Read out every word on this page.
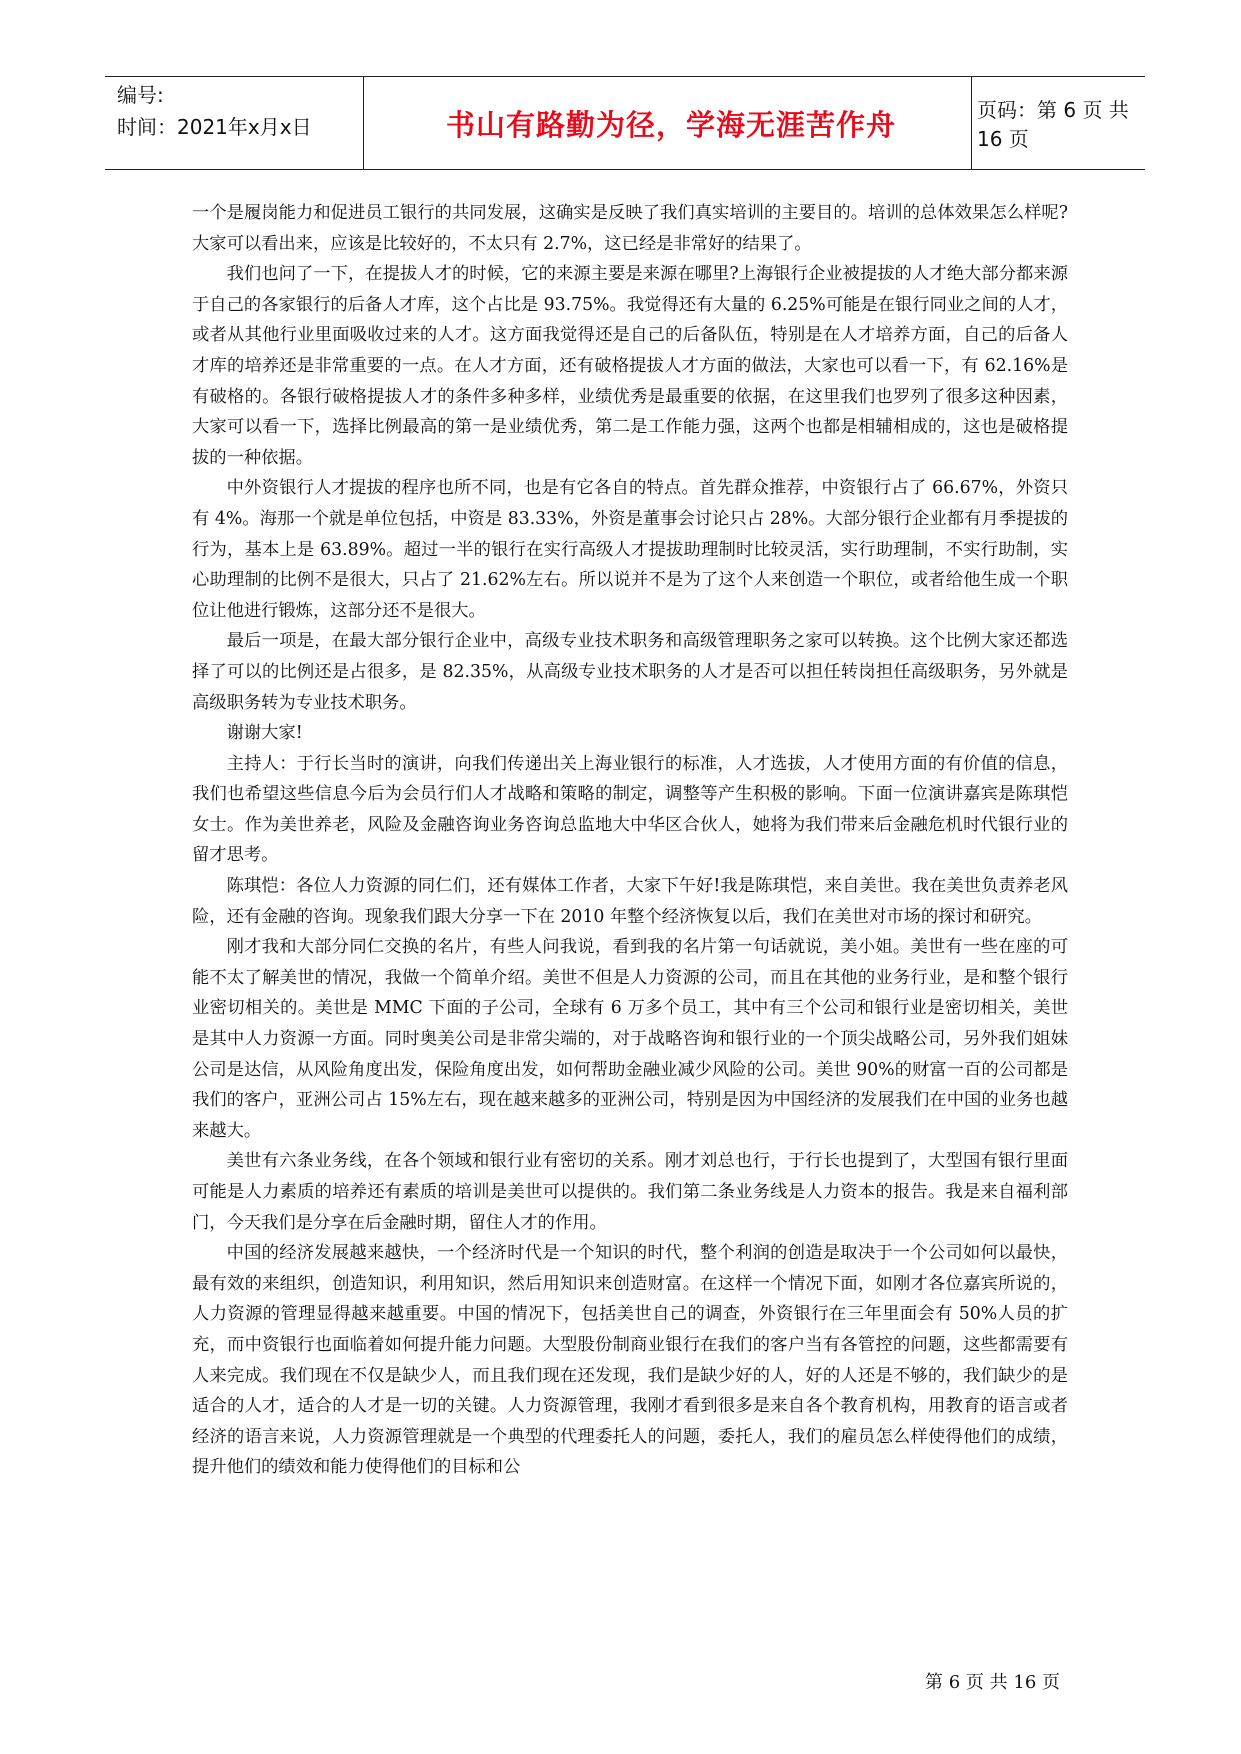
编号:
时间：2021年x月x日	书山有路勤为径，学海无涯苦作舟	页码：第 6 页 共 16 页

一个是履岗能力和促进员工银行的共同发展，这确实是反映了我们真实培训的主要目的。培训的总体效果怎么样呢?大家可以看出来，应该是比较好的，不太只有 2.7%，这已经是非常好的结果了。

我们也问了一下，在提拔人才的时候，它的来源主要是来源在哪里?上海银行企业被提拔的人才绝大部分都来源于自己的各家银行的后备人才库，这个占比是 93.75%。我觉得还有大量的 6.25%可能是在银行同业之间的人才，或者从其他行业里面吸收过来的人才。这方面我觉得还是自己的后备队伍，特别是在人才培养方面，自己的后备人才库的培养还是非常重要的一点。在人才方面，还有破格提拔人才方面的做法，大家也可以看一下，有 62.16%是有破格的。各银行破格提拔人才的条件多种多样，业绩优秀是最重要的依据，在这里我们也罗列了很多这种因素，大家可以看一下，选择比例最高的第一是业绩优秀，第二是工作能力强，这两个也都是相辅相成的，这也是破格提拔的一种依据。

中外资银行人才提拔的程序也所不同，也是有它各自的特点。首先群众推荐，中资银行占了 66.67%，外资只有 4%。海那一个就是单位包括，中资是 83.33%，外资是董事会讨论只占 28%。大部分银行企业都有月季提拔的行为，基本上是 63.89%。超过一半的银行在实行高级人才提拔助理制时比较灵活，实行助理制，不实行助制，实心助理制的比例不是很大，只占了 21.62%左右。所以说并不是为了这个人来创造一个职位，或者给他生成一个职位让他进行锻炼，这部分还不是很大。

最后一项是，在最大部分银行企业中，高级专业技术职务和高级管理职务之家可以转换。这个比例大家还都选择了可以的比例还是占很多，是 82.35%，从高级专业技术职务的人才是否可以担任转岗担任高级职务，另外就是高级职务转为专业技术职务。

谢谢大家!

主持人：于行长当时的演讲，向我们传递出关上海业银行的标准，人才选拔，人才使用方面的有价值的信息，我们也希望这些信息今后为会员行们人才战略和策略的制定，调整等产生积极的影响。下面一位演讲嘉宾是陈琪恺女士。作为美世养老，风险及金融咨询业务咨询总监地大中华区合伙人，她将为我们带来后金融危机时代银行业的留才思考。

陈琪恺：各位人力资源的同仁们，还有媒体工作者，大家下午好!我是陈琪恺，来自美世。我在美世负责养老风险，还有金融的咨询。现象我们跟大分享一下在 2010 年整个经济恢复以后，我们在美世对市场的探讨和研究。

刚才我和大部分同仁交换的名片，有些人问我说，看到我的名片第一句话就说，美小姐。美世有一些在座的可能不太了解美世的情况，我做一个简单介绍。美世不但是人力资源的公司，而且在其他的业务行业，是和整个银行业密切相关的。美世是 MMC 下面的子公司，全球有 6 万多个员工，其中有三个公司和银行业是密切相关，美世是其中人力资源一方面。同时奥美公司是非常尖端的，对于战略咨询和银行业的一个顶尖战略公司，另外我们姐妹公司是达信，从风险角度出发，保险角度出发，如何帮助金融业减少风险的公司。美世 90%的财富一百的公司都是我们的客户，亚洲公司占 15%左右，现在越来越多的亚洲公司，特别是因为中国经济的发展我们在中国的业务也越来越大。

美世有六条业务线，在各个领域和银行业有密切的关系。刚才刘总也行，于行长也提到了，大型国有银行里面可能是人力素质的培养还有素质的培训是美世可以提供的。我们第二条业务线是人力资本的报告。我是来自福利部门，今天我们是分享在后金融时期，留住人才的作用。

中国的经济发展越来越快，一个经济时代是一个知识的时代，整个利润的创造是取决于一个公司如何以最快，最有效的来组织，创造知识，利用知识，然后用知识来创造财富。在这样一个情况下面，如刚才各位嘉宾所说的，人力资源的管理显得越来越重要。中国的情况下，包括美世自己的调查，外资银行在三年里面会有 50%人员的扩充，而中资银行也面临着如何提升能力问题。大型股份制商业银行在我们的客户当有各管控的问题，这些都需要有人来完成。我们现在不仅是缺少人，而且我们现在还发现，我们是缺少好的人，好的人还是不够的，我们缺少的是适合的人才，适合的人才是一切的关键。人力资源管理，我刚才看到很多是来自各个教育机构，用教育的语言或者经济的语言来说，人力资源管理就是一个典型的代理委托人的问题，委托人，我们的雇员怎么样使得他们的成绩，提升他们的绩效和能力使得他们的目标和公

第 6 页 共 16 页
